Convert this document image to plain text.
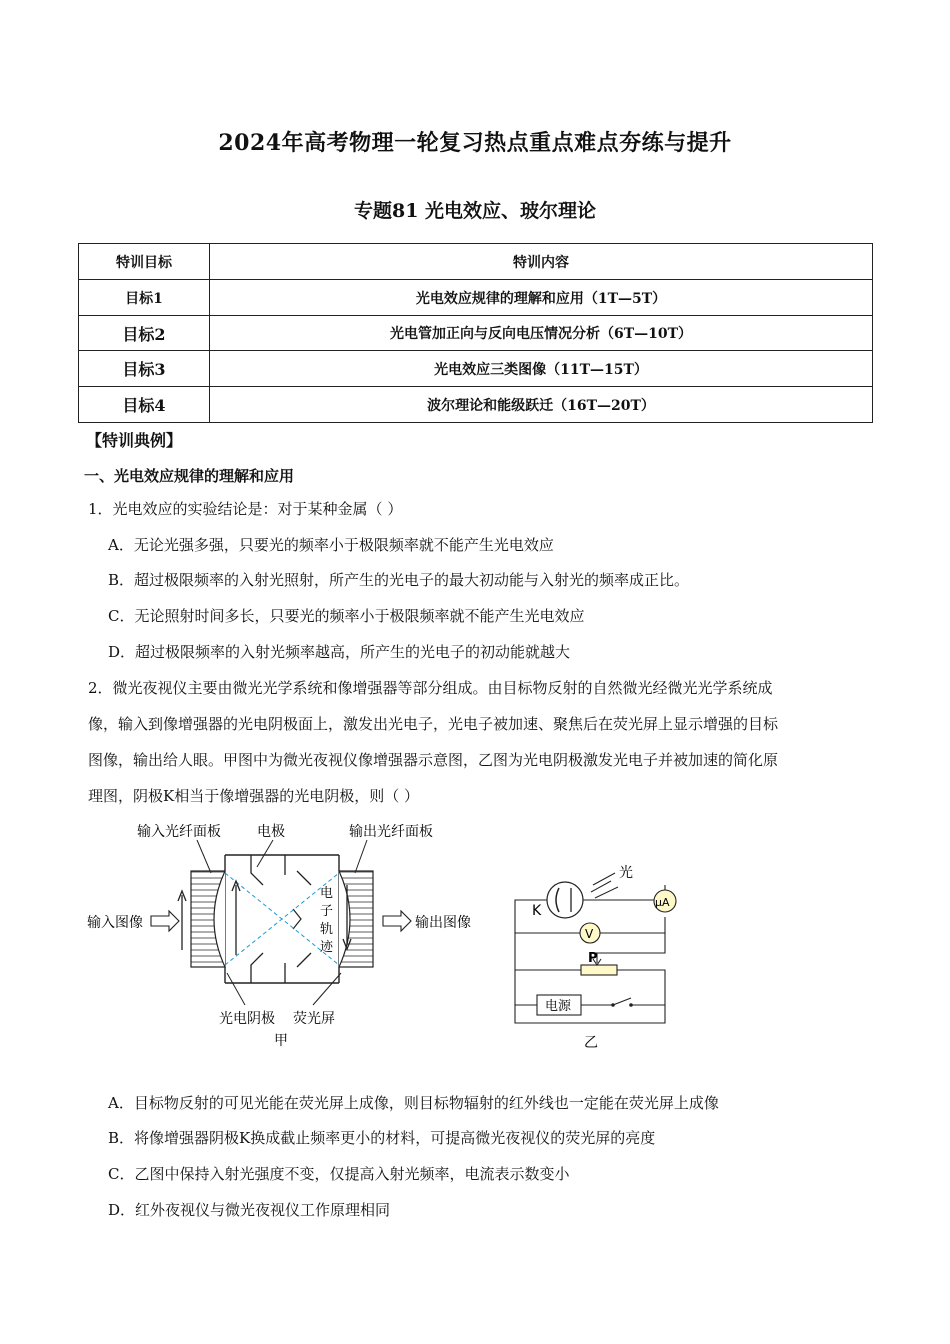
2024年高考物理一轮复习热点重点难点夯练与提升
专题81 光电效应、玻尔理论
特训目标	特训内容
目标1	光电效应规律的理解和应用（1T—5T）
目标2	光电管加正向与反向电压情况分析（6T—10T）
目标3	光电效应三类图像（11T—15T）
目标4	波尔理论和能级跃迁（16T—20T）
【特训典例】
一、光电效应规律的理解和应用
1．光电效应的实验结论是：对于某种金属（ ）
A．无论光强多强，只要光的频率小于极限频率就不能产生光电效应
B．超过极限频率的入射光照射，所产生的光电子的最大初动能与入射光的频率成正比。
C．无论照射时间多长，只要光的频率小于极限频率就不能产生光电效应
D．超过极限频率的入射光频率越高，所产生的光电子的初动能就越大
2．微光夜视仪主要由微光光学系统和像增强器等部分组成。由目标物反射的自然微光经微光光学系统成
像，输入到像增强器的光电阴极面上，激发出光电子，光电子被加速、聚焦后在荧光屏上显示增强的目标
图像，输出给人眼。甲图中为微光夜视仪像增强器示意图，乙图为光电阴极激发光电子并被加速的简化原
理图，阴极K相当于像增强器的光电阴极，则（ ）
输入光纤面板	电极	输出光纤面板
输入图像	输出图像
电
子
轨
迹
光电阴极 荧光屏
甲
光
K
μA
V
P
电源
乙
A．目标物反射的可见光能在荧光屏上成像，则目标物辐射的红外线也一定能在荧光屏上成像
B．将像增强器阴极K换成截止频率更小的材料，可提高微光夜视仪的荧光屏的亮度
C．乙图中保持入射光强度不变，仅提高入射光频率，电流表示数变小
D．红外夜视仪与微光夜视仪工作原理相同
